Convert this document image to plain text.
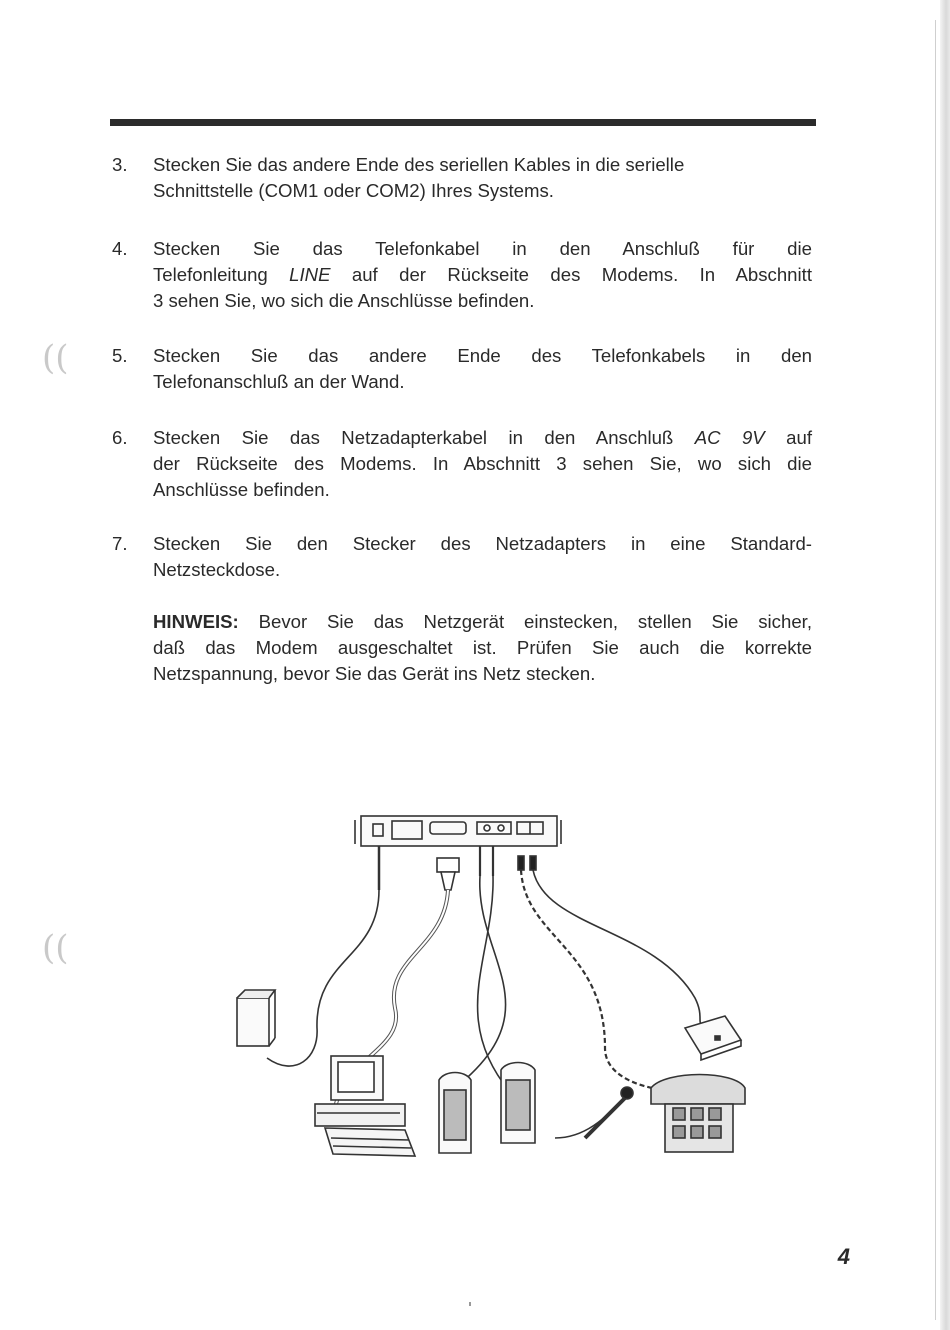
3. Stecken Sie das andere Ende des seriellen Kables in die serielle
Schnittstelle (COM1 oder COM2) Ihres Systems.
4. Stecken Sie das Telefonkabel in den Anschluß für die
Telefonleitung LINE auf der Rückseite des Modems. In Abschnitt
3 sehen Sie, wo sich die Anschlüsse befinden.
5. Stecken Sie das andere Ende des Telefonkabels in den
Telefonanschluß an der Wand.
6. Stecken Sie das Netzadapterkabel in den Anschluß AC 9V auf
der Rückseite des Modems. In Abschnitt 3 sehen Sie, wo sich die
Anschlüsse befinden.
7. Stecken Sie den Stecker des Netzadapters in eine Standard-
Netzsteckdose.
HINWEIS: Bevor Sie das Netzgerät einstecken, stellen Sie sicher,
daß das Modem ausgeschaltet ist. Prüfen Sie auch die korrekte
Netzspannung, bevor Sie das Gerät ins Netz stecken.
((
((
4
